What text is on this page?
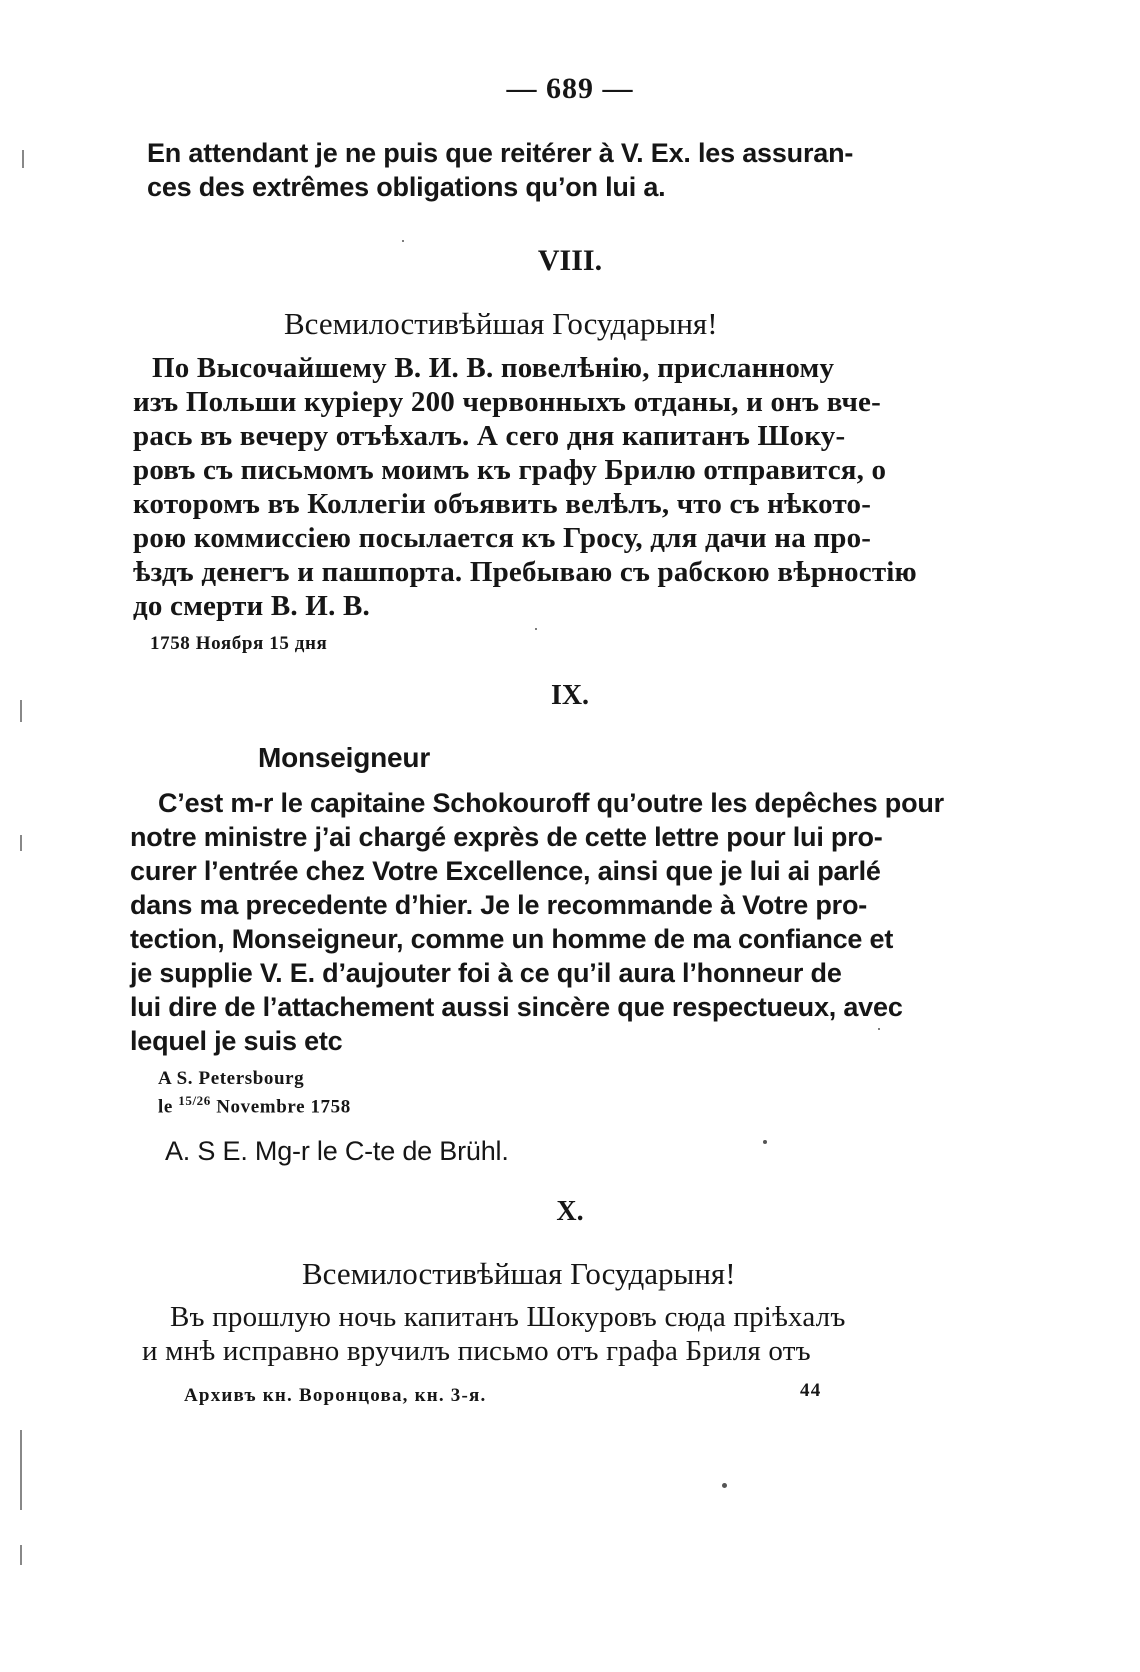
— 689 —
En attendant je ne puis que reitérer à V. Ex. les assuran-
ces des extrêmes obligations qu’on lui a.
VIII.
Всемилостивѣйшая Государыня!
По Высочайшему В. И. В. повелѣнію, присланному
изъ Польши куріеру 200 червонныхъ отданы, и онъ вче-
рась въ вечеру отъѣхалъ. А сего дня капитанъ Шоку-
ровъ съ письмомъ моимъ къ графу Брилю отправится, о
которомъ въ Коллегіи объявить велѣлъ, что съ нѣкото-
рою коммиссіею посылается къ Гросу, для дачи на про-
ѣздъ денегъ и пашпорта. Пребываю съ рабскою вѣрностію
до смерти В. И. В.
1758 Ноября 15 дня
IX.
Monseigneur
C’est m-r le capitaine Schokouroff qu’outre les depêches pour
notre ministre j’ai chargé exprès de cette lettre pour lui pro-
curer l’entrée chez Votre Excellence, ainsi que je lui ai parlé
dans ma precedente d’hier. Je le recommande à Votre pro-
tection, Monseigneur, comme un homme de ma confiance et
je supplie V. E. d’aujouter foi à ce qu’il aura l’honneur de
lui dire de l’attachement aussi sincère que respectueux, avec
lequel je suis etc
A S. Petersbourg
le $^{15/26}$ Novembre 1758
A. S E. Mg-r le C-te de Brühl.
X.
Всемилостивѣйшая Государыня!
Въ прошлую ночь капитанъ Шокуровъ сюда пріѣхалъ
и мнѣ исправно вручилъ письмо отъ графа Бриля отъ
Архивъ кн. Воронцова, кн. 3-я.	44
